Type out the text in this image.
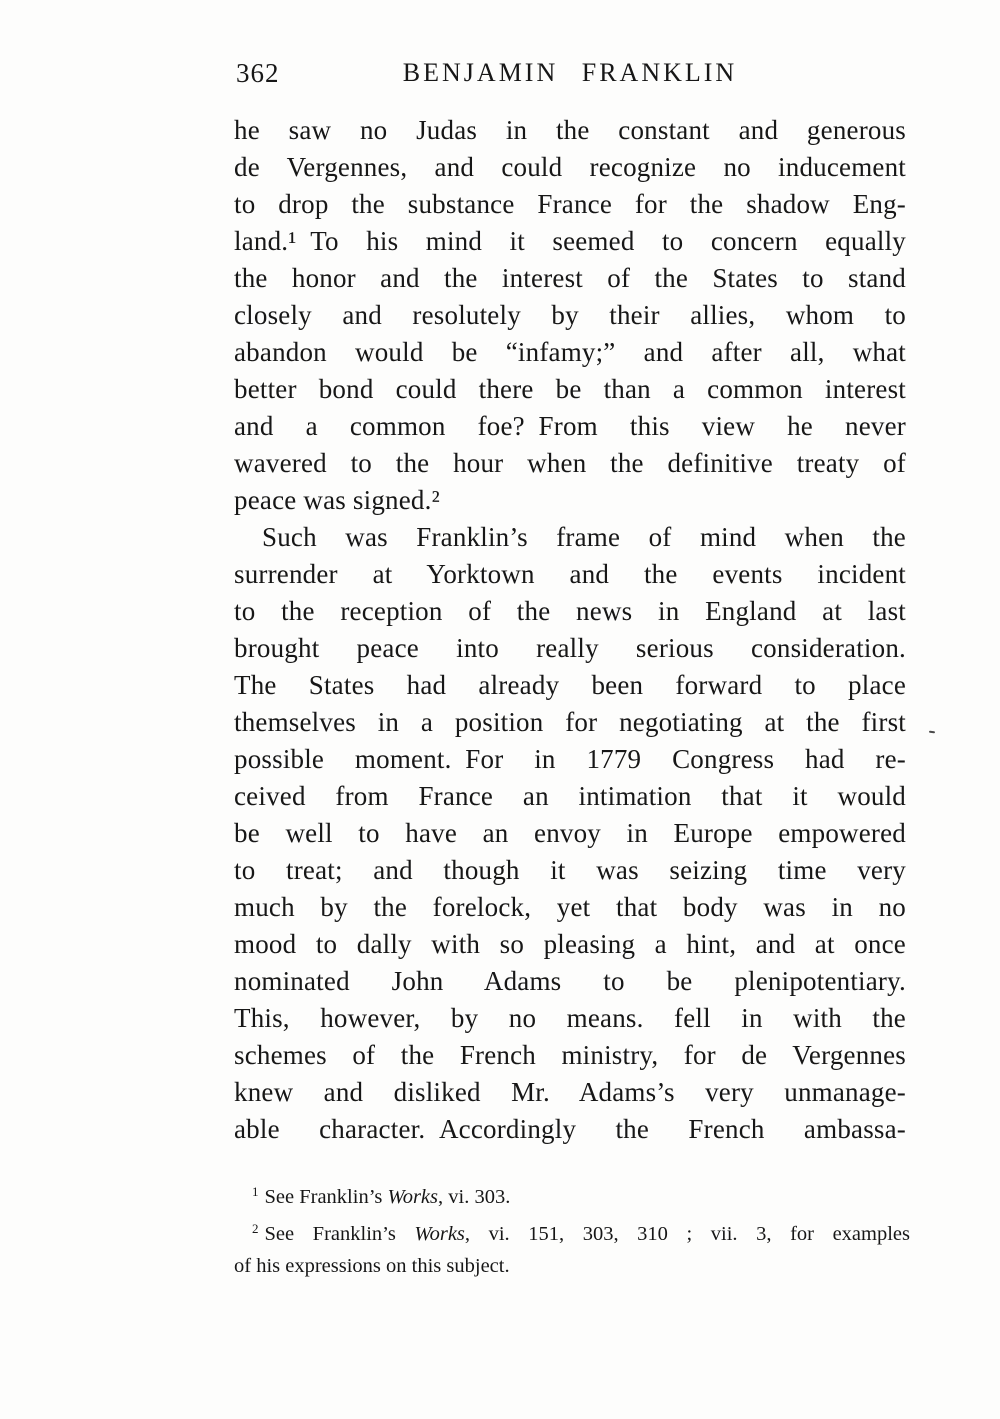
362	BENJAMIN FRANKLIN
he saw no Judas in the constant and generous
de Vergennes, and could recognize no inducement
to drop the substance France for the shadow Eng-
land.¹ To his mind it seemed to concern equally
the honor and the interest of the States to stand
closely and resolutely by their allies, whom to
abandon would be “infamy;” and after all, what
better bond could there be than a common interest
and a common foe? From this view he never
wavered to the hour when the definitive treaty of
peace was signed.²
Such was Franklin’s frame of mind when the
surrender at Yorktown and the events incident
to the reception of the news in England at last
brought peace into really serious consideration.
The States had already been forward to place
themselves in a position for negotiating at the first
possible moment. For in 1779 Congress had re-
ceived from France an intimation that it would
be well to have an envoy in Europe empowered
to treat; and though it was seizing time very
much by the forelock, yet that body was in no
mood to dally with so pleasing a hint, and at once
nominated John Adams to be plenipotentiary.
This, however, by no means. fell in with the
schemes of the French ministry, for de Vergennes
knew and disliked Mr. Adams’s very unmanage-
able character. Accordingly the French ambassa-
$^1$ See Franklin’s Works, vi. 303.
$^2$ See Franklin’s Works, vi. 151, 303, 310 ; vii. 3, for examples
of his expressions on this subject.
